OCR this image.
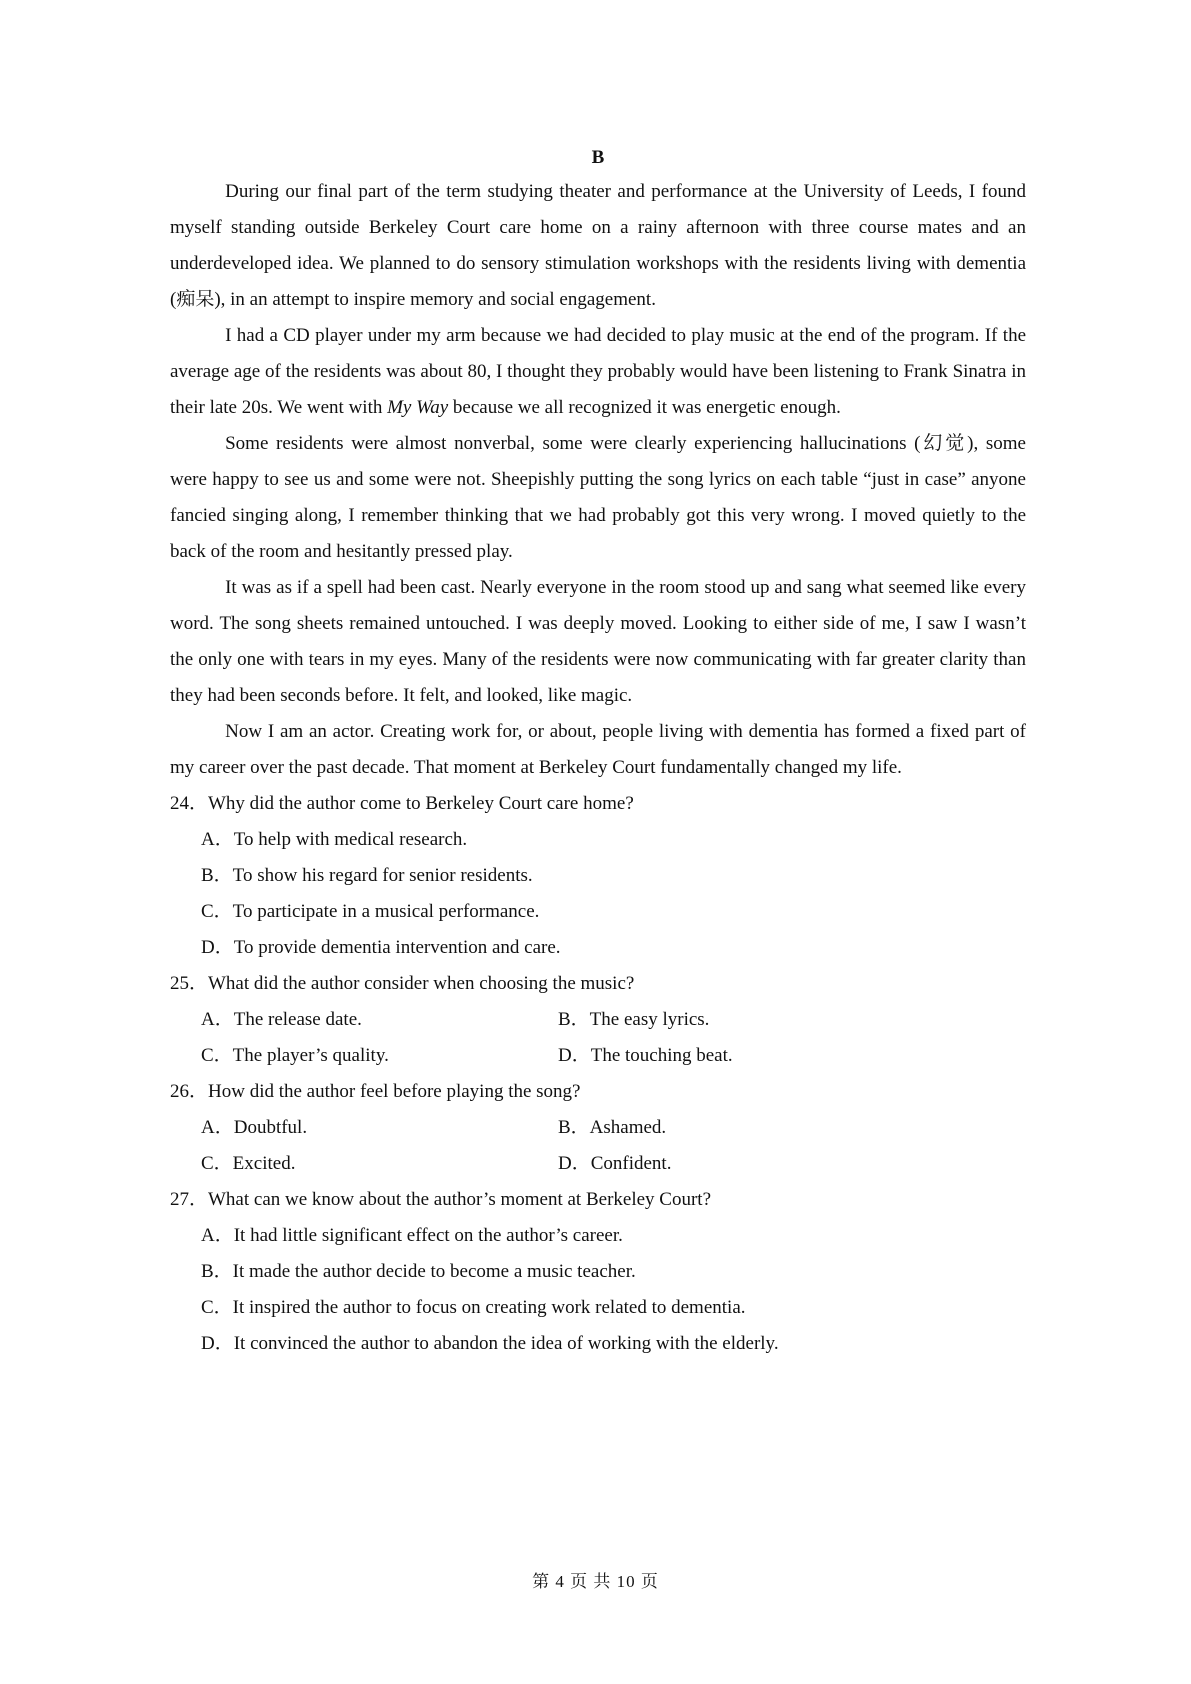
B

During our final part of the term studying theater and performance at the University of Leeds, I found myself standing outside Berkeley Court care home on a rainy afternoon with three course mates and an underdeveloped idea. We planned to do sensory stimulation workshops with the residents living with dementia (痴呆), in an attempt to inspire memory and social engagement.

I had a CD player under my arm because we had decided to play music at the end of the program. If the average age of the residents was about 80, I thought they probably would have been listening to Frank Sinatra in their late 20s. We went with My Way because we all recognized it was energetic enough.

Some residents were almost nonverbal, some were clearly experiencing hallucinations (幻觉), some were happy to see us and some were not. Sheepishly putting the song lyrics on each table “just in case” anyone fancied singing along, I remember thinking that we had probably got this very wrong. I moved quietly to the back of the room and hesitantly pressed play.

It was as if a spell had been cast. Nearly everyone in the room stood up and sang what seemed like every word. The song sheets remained untouched. I was deeply moved. Looking to either side of me, I saw I wasn’t the only one with tears in my eyes. Many of the residents were now communicating with far greater clarity than they had been seconds before. It felt, and looked, like magic.

Now I am an actor. Creating work for, or about, people living with dementia has formed a fixed part of my career over the past decade. That moment at Berkeley Court fundamentally changed my life.

24．Why did the author come to Berkeley Court care home?
A．To help with medical research.
B．To show his regard for senior residents.
C．To participate in a musical performance.
D．To provide dementia intervention and care.
25．What did the author consider when choosing the music?
A．The release date.	B．The easy lyrics.
C．The player’s quality.	D．The touching beat.
26．How did the author feel before playing the song?
A．Doubtful.	B．Ashamed.
C．Excited.	D．Confident.
27．What can we know about the author’s moment at Berkeley Court?
A．It had little significant effect on the author’s career.
B．It made the author decide to become a music teacher.
C．It inspired the author to focus on creating work related to dementia.
D．It convinced the author to abandon the idea of working with the elderly.
第 4 页 共 10 页
